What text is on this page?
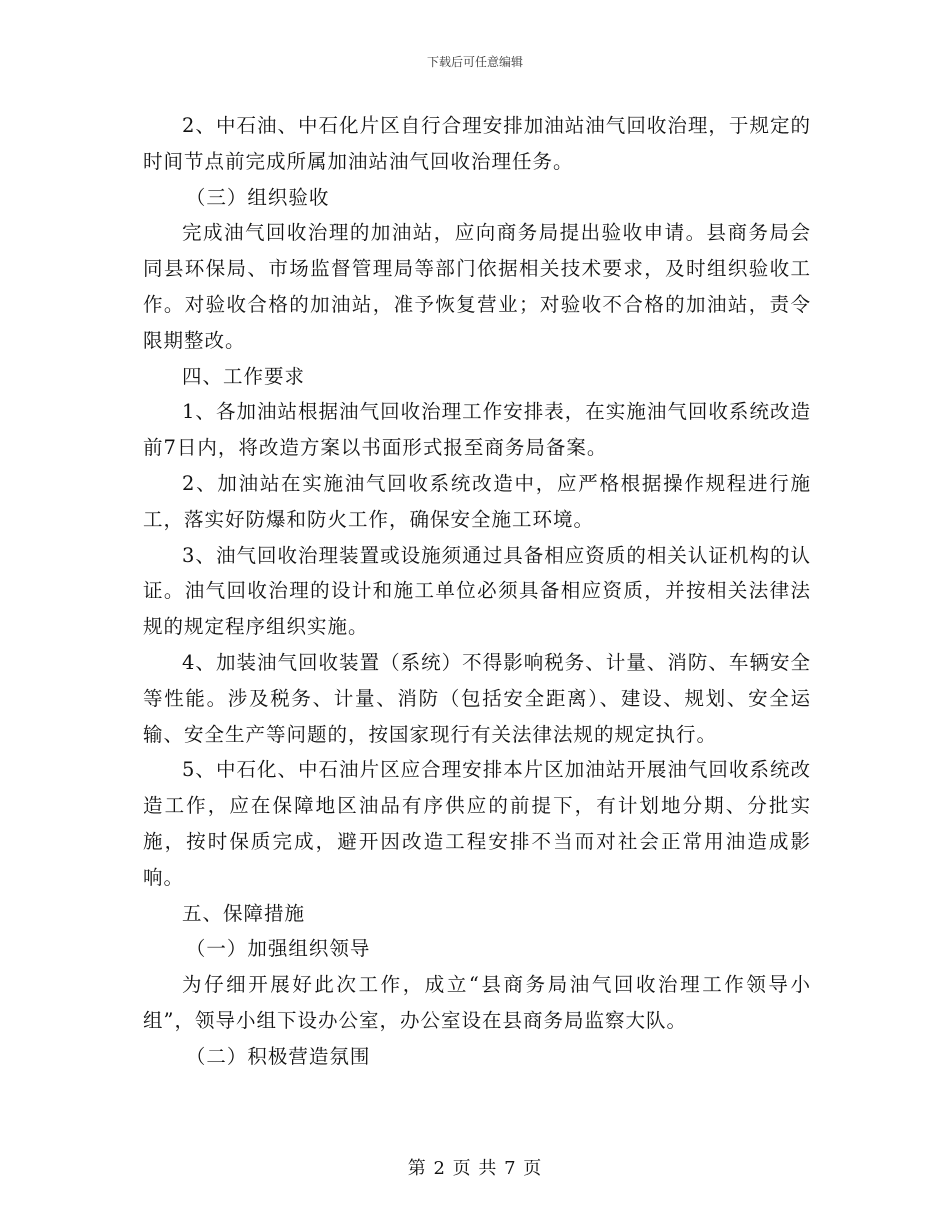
下载后可任意编辑

2、中石油、中石化片区自行合理安排加油站油气回收治理，于规定的时间节点前完成所属加油站油气回收治理任务。

（三）组织验收

完成油气回收治理的加油站，应向商务局提出验收申请。县商务局会同县环保局、市场监督管理局等部门依据相关技术要求，及时组织验收工作。对验收合格的加油站，准予恢复营业；对验收不合格的加油站，责令限期整改。

四、工作要求

1、各加油站根据油气回收治理工作安排表，在实施油气回收系统改造前7日内，将改造方案以书面形式报至商务局备案。

2、加油站在实施油气回收系统改造中，应严格根据操作规程进行施工，落实好防爆和防火工作，确保安全施工环境。

3、油气回收治理装置或设施须通过具备相应资质的相关认证机构的认证。油气回收治理的设计和施工单位必须具备相应资质，并按相关法律法规的规定程序组织实施。

4、加装油气回收装置（系统）不得影响税务、计量、消防、车辆安全等性能。涉及税务、计量、消防（包括安全距离）、建设、规划、安全运输、安全生产等问题的，按国家现行有关法律法规的规定执行。

5、中石化、中石油片区应合理安排本片区加油站开展油气回收系统改造工作，应在保障地区油品有序供应的前提下，有计划地分期、分批实施，按时保质完成，避开因改造工程安排不当而对社会正常用油造成影响。

五、保障措施

（一）加强组织领导

为仔细开展好此次工作，成立“县商务局油气回收治理工作领导小组”，领导小组下设办公室，办公室设在县商务局监察大队。

（二）积极营造氛围

第 2 页 共 7 页
